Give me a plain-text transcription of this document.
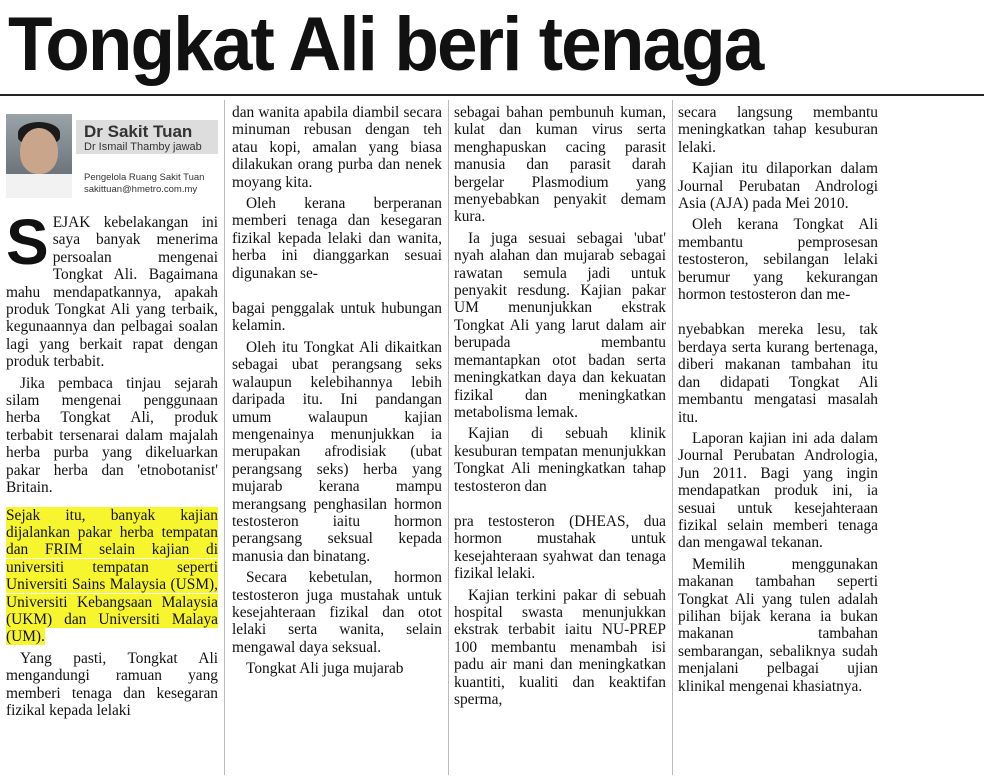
Tongkat Ali beri tenaga
Dr Sakit Tuan
Dr Ismail Thamby jawab
Pengelola Ruang Sakit Tuan
sakittuan@hmetro.com.my

SEJAK kebelakangan ini saya banyak menerima persoalan mengenai Tongkat Ali. Bagaimana mahu mendapatkannya, apakah produk Tongkat Ali yang terbaik, kegunaannya dan pelbagai soalan lagi yang berkait rapat dengan produk terbabit.

Jika pembaca tinjau sejarah silam mengenai penggunaan herba Tongkat Ali, produk terbabit tersenarai dalam majalah herba purba yang dikeluarkan pakar herba dan 'etnobotanist' Britain.

Sejak itu, banyak kajian dijalankan pakar herba tempatan dan FRIM selain kajian di universiti tempatan seperti Universiti Sains Malaysia (USM), Universiti Kebangsaan Malaysia (UKM) dan Universiti Malaya (UM).

Yang pasti, Tongkat Ali mengandungi ramuan yang memberi tenaga dan kesegaran fizikal kepada lelaki

dan wanita apabila diambil secara minuman rebusan dengan teh atau kopi, amalan yang biasa dilakukan orang purba dan nenek moyang kita.

Oleh kerana berperanan memberi tenaga dan kesegaran fizikal kepada lelaki dan wanita, herba ini dianggarkan sesuai digunakan se-

bagai penggalak untuk hubungan kelamin.

Oleh itu Tongkat Ali dikaitkan sebagai ubat perangsang seks walaupun kelebihannya lebih daripada itu. Ini pandangan umum walaupun kajian mengenainya menunjukkan ia merupakan afrodisiak (ubat perangsang seks) herba yang mujarab kerana mampu merangsang penghasilan hormon testosteron iaitu hormon perangsang seksual kepada manusia dan binatang.

Secara kebetulan, hormon testosteron juga mustahak untuk kesejahteraan fizikal dan otot lelaki serta wanita, selain mengawal daya seksual.

Tongkat Ali juga mujarab

sebagai bahan pembunuh kuman, kulat dan kuman virus serta menghapuskan cacing parasit manusia dan parasit darah bergelar Plasmodium yang menyebabkan penyakit demam kura.

Ia juga sesuai sebagai 'ubat' nyah alahan dan mujarab sebagai rawatan semula jadi untuk penyakit resdung. Kajian pakar UM menunjukkan ekstrak Tongkat Ali yang larut dalam air berupada membantu memantapkan otot badan serta meningkatkan daya dan kekuatan fizikal dan meningkatkan metabolisma lemak.

Kajian di sebuah klinik kesuburan tempatan menunjukkan Tongkat Ali meningkatkan tahap testosteron dan

pra testosteron (DHEAS, dua hormon mustahak untuk kesejahteraan syahwat dan tenaga fizikal lelaki.

Kajian terkini pakar di sebuah hospital swasta menunjukkan ekstrak terbabit iaitu NU-PREP 100 membantu menambah isi padu air mani dan meningkatkan kuantiti, kualiti dan keaktifan sperma,

secara langsung membantu meningkatkan tahap kesuburan lelaki.

Kajian itu dilaporkan dalam Journal Perubatan Andrologi Asia (AJA) pada Mei 2010.

Oleh kerana Tongkat Ali membantu pemprosesan testosteron, sebilangan lelaki berumur yang kekurangan hormon testosteron dan me-

nyebabkan mereka lesu, tak berdaya serta kurang bertenaga, diberi makanan tambahan itu dan didapati Tongkat Ali membantu mengatasi masalah itu.

Laporan kajian ini ada dalam Journal Perubatan Andrologia, Jun 2011. Bagi yang ingin mendapatkan produk ini, ia sesuai untuk kesejahteraan fizikal selain memberi tenaga dan mengawal tekanan.

Memilih menggunakan makanan tambahan seperti Tongkat Ali yang tulen adalah pilihan bijak kerana ia bukan makanan tambahan sembarangan, sebaliknya sudah menjalani pelbagai ujian klinikal mengenai khasiatnya.
